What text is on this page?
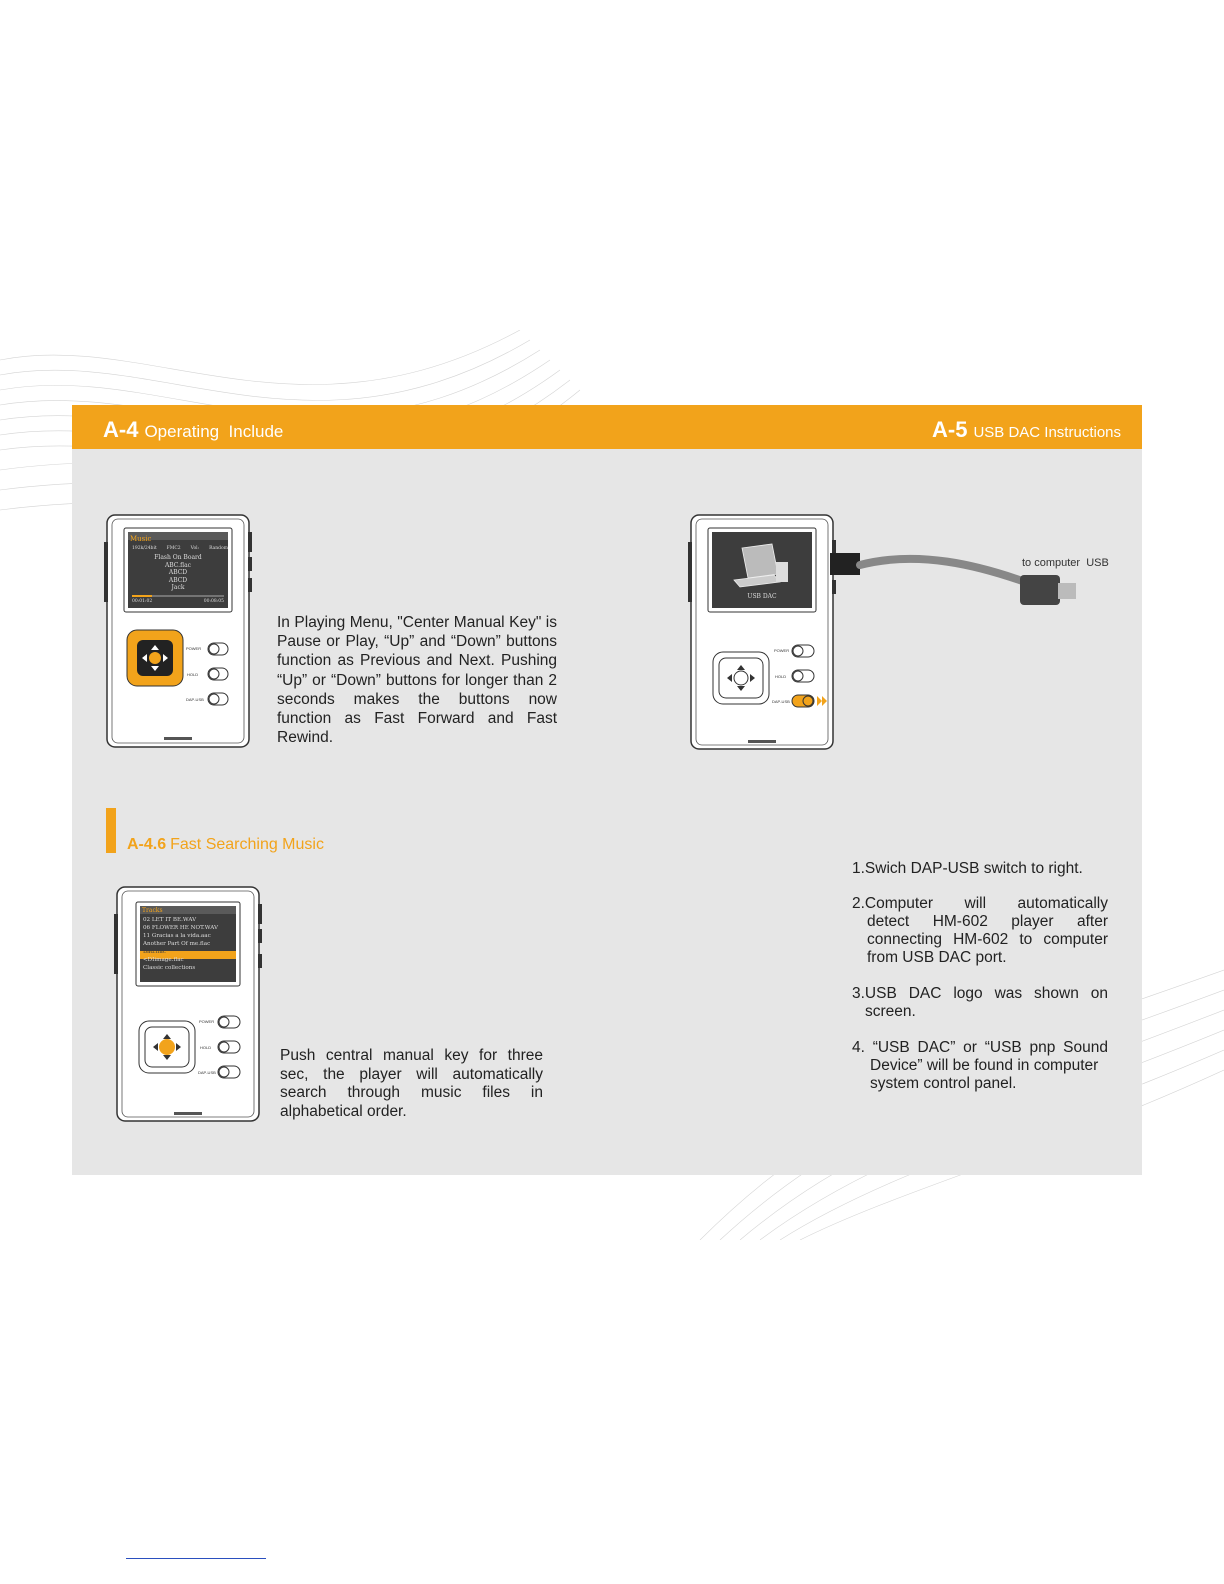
A-4 Operating  Include	A-5 USB DAC Instructions
Music
192k/24bit FMC2 Vol: Random
Flash On Board
ABC.flac
ABCD
ABCD
Jack
00:01:02	00:08:05
POWER
HOLD
DAP-USB
In Playing Menu, "Center Manual Key" is Pause or Play, “Up” and “Down” buttons function as Previous and Next. Pushing “Up” or “Down” buttons for longer than 2 seconds makes the buttons now function as Fast Forward and Fast Rewind.
USB DAC
POWER
HOLD
DAP-USB
to computer  USB
A-4.6 Fast Searching Music
Tracks
02 LET IT BE.WAV
06 FLOWER HE NOT.WAV
11 Gracias a la vida.aac
Another Part Of me.flac
Bad.flac
<DIimage.flac
Classic collections
POWER
HOLD
DAP-USB
Push central manual key for three sec, the player will automatically search through music files in alphabetical order.
1.Swich DAP-USB switch to right.
2.Computer will automatically
detect HM-602 player after connecting HM-602 to computer from USB DAC port.
3.USB DAC logo was shown on
screen.
4. “USB DAC” or “USB pnp Sound
Device” will be found in computer system control panel.
